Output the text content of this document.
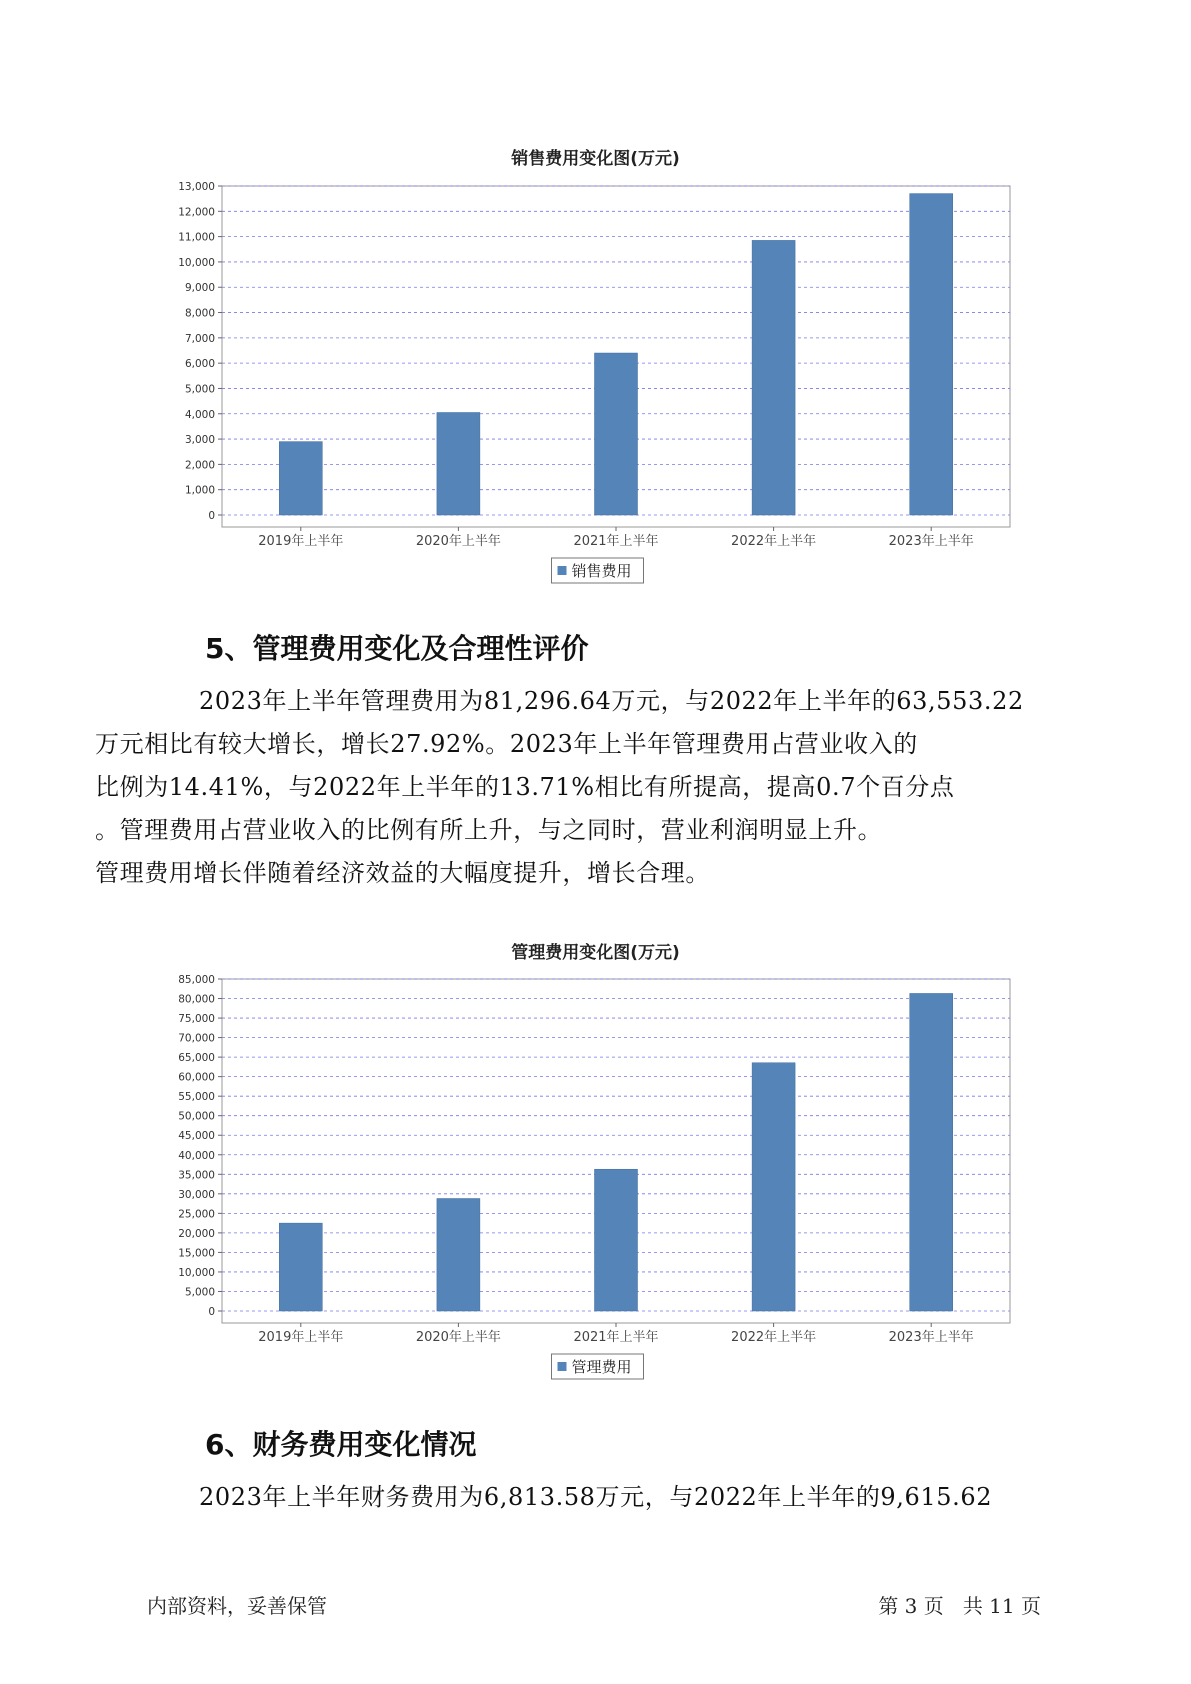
销售费用变化图(万元)
0
1,000
2,000
3,000
4,000
5,000
6,000
7,000
8,000
9,000
10,000
11,000
12,000
13,000
2019年上半年	2020年上半年	2021年上半年	2022年上半年	2023年上半年
销售费用
5、管理费用变化及合理性评价

2023年上半年管理费用为81,296.64万元，与2022年上半年的63,553.22
万元相比有较大增长，增长27.92%。2023年上半年管理费用占营业收入的
比例为14.41%，与2022年上半年的13.71%相比有所提高，提高0.7个百分点
。管理费用占营业收入的比例有所上升，与之同时，营业利润明显上升。
管理费用增长伴随着经济效益的大幅度提升，增长合理。

管理费用变化图(万元)
0
5,000
10,000
15,000
20,000
25,000
30,000
35,000
40,000
45,000
50,000
55,000
60,000
65,000
70,000
75,000
80,000
85,000
2019年上半年	2020年上半年	2021年上半年	2022年上半年	2023年上半年
管理费用
6、财务费用变化情况

2023年上半年财务费用为6,813.58万元，与2022年上半年的9,615.62

内部资料，妥善保管	第 3 页   共 11 页
